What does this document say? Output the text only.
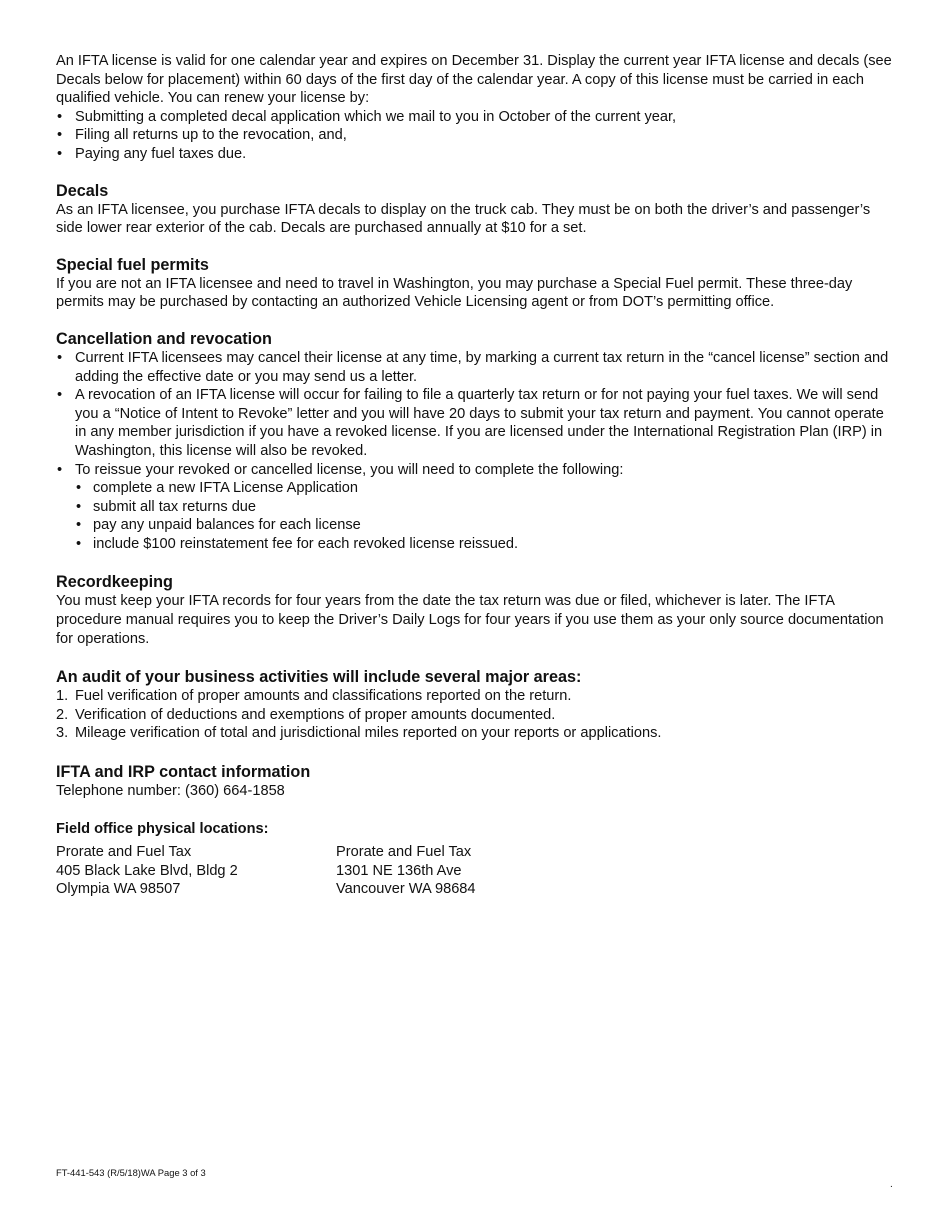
An IFTA license is valid for one calendar year and expires on December 31. Display the current year IFTA license and decals (see Decals below for placement) within 60 days of the first day of the calendar year. A copy of this license must be carried in each qualified vehicle. You can renew your license by:

• Submitting a completed decal application which we mail to you in October of the current year,
• Filing all returns up to the revocation, and,
• Paying any fuel taxes due.
Decals

As an IFTA licensee, you purchase IFTA decals to display on the truck cab. They must be on both the driver’s and passenger’s side lower rear exterior of the cab. Decals are purchased annually at $10 for a set.

Special fuel permits

If you are not an IFTA licensee and need to travel in Washington, you may purchase a Special Fuel permit. These three-day permits may be purchased by contacting an authorized Vehicle Licensing agent or from DOT’s permitting office.

Cancellation and revocation
• Current IFTA licensees may cancel their license at any time, by marking a current tax return in the “cancel license” section and adding the effective date or you may send us a letter.
• A revocation of an IFTA license will occur for failing to file a quarterly tax return or for not paying your fuel taxes. We will send you a “Notice of Intent to Revoke” letter and you will have 20 days to submit your tax return and payment. You cannot operate in any member jurisdiction if you have a revoked license. If you are licensed under the International Registration Plan (IRP) in Washington, this license will also be revoked.
• To reissue your revoked or cancelled license, you will need to complete the following:
• complete a new IFTA License Application
• submit all tax returns due
• pay any unpaid balances for each license
• include $100 reinstatement fee for each revoked license reissued.
Recordkeeping

You must keep your IFTA records for four years from the date the tax return was due or filed, whichever is later. The IFTA procedure manual requires you to keep the Driver’s Daily Logs for four years if you use them as your only source documentation for operations.

An audit of your business activities will include several major areas:
1. Fuel verification of proper amounts and classifications reported on the return.
2. Verification of deductions and exemptions of proper amounts documented.
3. Mileage verification of total and jurisdictional miles reported on your reports or applications.
IFTA and IRP contact information

Telephone number: (360) 664-1858

Field office physical locations:

Prorate and Fuel Tax
405 Black Lake Blvd, Bldg 2
Olympia WA 98507
Prorate and Fuel Tax
1301 NE 136th Ave
Vancouver WA 98684
FT-441-543 (R/5/18)WA Page 3 of 3
.
